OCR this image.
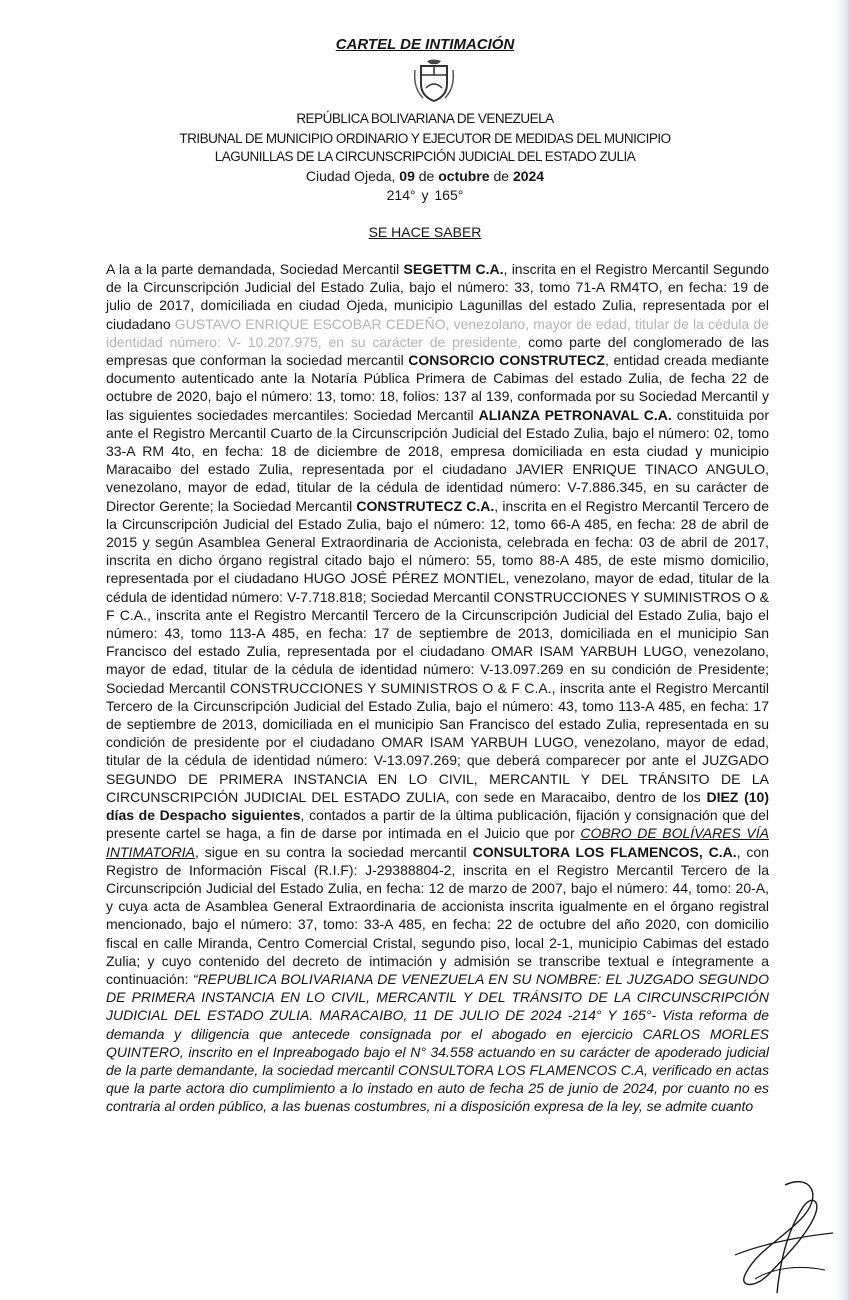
CARTEL DE INTIMACIÓN
REPÚBLICA BOLIVARIANA DE VENEZUELA
TRIBUNAL DE MUNICIPIO ORDINARIO Y EJECUTOR DE MEDIDAS DEL MUNICIPIO
LAGUNILLAS DE LA CIRCUNSCRIPCIÓN JUDICIAL DEL ESTADO ZULIA
Ciudad Ojeda, 09 de octubre de 2024
214° y 165°
SE HACE SABER
A la a la parte demandada, Sociedad Mercantil SEGETTM C.A., inscrita en el Registro Mercantil Segundo de la Circunscripción Judicial del Estado Zulia, bajo el número: 33, tomo 71-A RM4TO, en fecha: 19 de julio de 2017, domiciliada en ciudad Ojeda, municipio Lagunillas del estado Zulia, representada por el ciudadano GUSTAVO ENRIQUE ESCOBAR CEDEÑO, venezolano, mayor de edad, titular de la cédula de identidad número: V- 10.207.975, en su carácter de presidente, como parte del conglomerado de las empresas que conforman la sociedad mercantil CONSORCIO CONSTRUTECZ, entidad creada mediante documento autenticado ante la Notaría Pública Primera de Cabimas del estado Zulia, de fecha 22 de octubre de 2020, bajo el número: 13, tomo: 18, folios: 137 al 139, conformada por su Sociedad Mercantil y las siguientes sociedades mercantiles: Sociedad Mercantil ALIANZA PETRONAVAL C.A. constituida por ante el Registro Mercantil Cuarto de la Circunscripción Judicial del Estado Zulia, bajo el número: 02, tomo 33-A RM 4to, en fecha: 18 de diciembre de 2018, empresa domiciliada en esta ciudad y municipio Maracaibo del estado Zulia, representada por el ciudadano JAVIER ENRIQUE TINACO ANGULO, venezolano, mayor de edad, titular de la cédula de identidad número: V-7.886.345, en su carácter de Director Gerente; la Sociedad Mercantil CONSTRUTECZ C.A., inscrita en el Registro Mercantil Tercero de la Circunscripción Judicial del Estado Zulia, bajo el número: 12, tomo 66-A 485, en fecha: 28 de abril de 2015 y según Asamblea General Extraordinaria de Accionista, celebrada en fecha: 03 de abril de 2017, inscrita en dicho órgano registral citado bajo el número: 55, tomo 88-A 485, de este mismo domicilio, representada por el ciudadano HUGO JOSÉ PÉREZ MONTIEL, venezolano, mayor de edad, titular de la cédula de identidad número: V-7.718.818; Sociedad Mercantil CONSTRUCCIONES Y SUMINISTROS O & F C.A., inscrita ante el Registro Mercantil Tercero de la Circunscripción Judicial del Estado Zulia, bajo el número: 43, tomo 113-A 485, en fecha: 17 de septiembre de 2013, domiciliada en el municipio San Francisco del estado Zulia, representada por el ciudadano OMAR ISAM YARBUH LUGO, venezolano, mayor de edad, titular de la cédula de identidad número: V-13.097.269 en su condición de Presidente; Sociedad Mercantil CONSTRUCCIONES Y SUMINISTROS O & F C.A., inscrita ante el Registro Mercantil Tercero de la Circunscripción Judicial del Estado Zulia, bajo el número: 43, tomo 113-A 485, en fecha: 17 de septiembre de 2013, domiciliada en el municipio San Francisco del estado Zulia, representada en su condición de presidente por el ciudadano OMAR ISAM YARBUH LUGO, venezolano, mayor de edad, titular de la cédula de identidad número: V-13.097.269; que deberá comparecer por ante el JUZGADO SEGUNDO DE PRIMERA INSTANCIA EN LO CIVIL, MERCANTIL Y DEL TRÁNSITO DE LA CIRCUNSCRIPCIÓN JUDICIAL DEL ESTADO ZULIA, con sede en Maracaibo, dentro de los DIEZ (10) días de Despacho siguientes, contados a partir de la última publicación, fijación y consignación que del presente cartel se haga, a fin de darse por intimada en el Juicio que por COBRO DE BOLÍVARES VÍA INTIMATORIA, sigue en su contra la sociedad mercantil CONSULTORA LOS FLAMENCOS, C.A., con Registro de Información Fiscal (R.I.F): J-29388804-2, inscrita en el Registro Mercantil Tercero de la Circunscripción Judicial del Estado Zulia, en fecha: 12 de marzo de 2007, bajo el número: 44, tomo: 20-A, y cuya acta de Asamblea General Extraordinaria de accionista inscrita igualmente en el órgano registral mencionado, bajo el número: 37, tomo: 33-A 485, en fecha: 22 de octubre del año 2020, con domicilio fiscal en calle Miranda, Centro Comercial Cristal, segundo piso, local 2-1, municipio Cabimas del estado Zulia; y cuyo contenido del decreto de intimación y admisión se transcribe textual e íntegramente a continuación: “REPUBLICA BOLIVARIANA DE VENEZUELA EN SU NOMBRE: EL JUZGADO SEGUNDO DE PRIMERA INSTANCIA EN LO CIVIL, MERCANTIL Y DEL TRÁNSITO DE LA CIRCUNSCRIPCIÓN JUDICIAL DEL ESTADO ZULIA. MARACAIBO, 11 DE JULIO DE 2024 -214° Y 165°- Vista reforma de demanda y diligencia que antecede consignada por el abogado en ejercicio CARLOS MORLES QUINTERO, inscrito en el Inpreabogado bajo el N° 34.558 actuando en su carácter de apoderado judicial de la parte demandante, la sociedad mercantil CONSULTORA LOS FLAMENCOS C.A, verificado en actas que la parte actora dio cumplimiento a lo instado en auto de fecha 25 de junio de 2024, por cuanto no es contraria al orden público, a las buenas costumbres, ni a disposición expresa de la ley, se admite cuanto
